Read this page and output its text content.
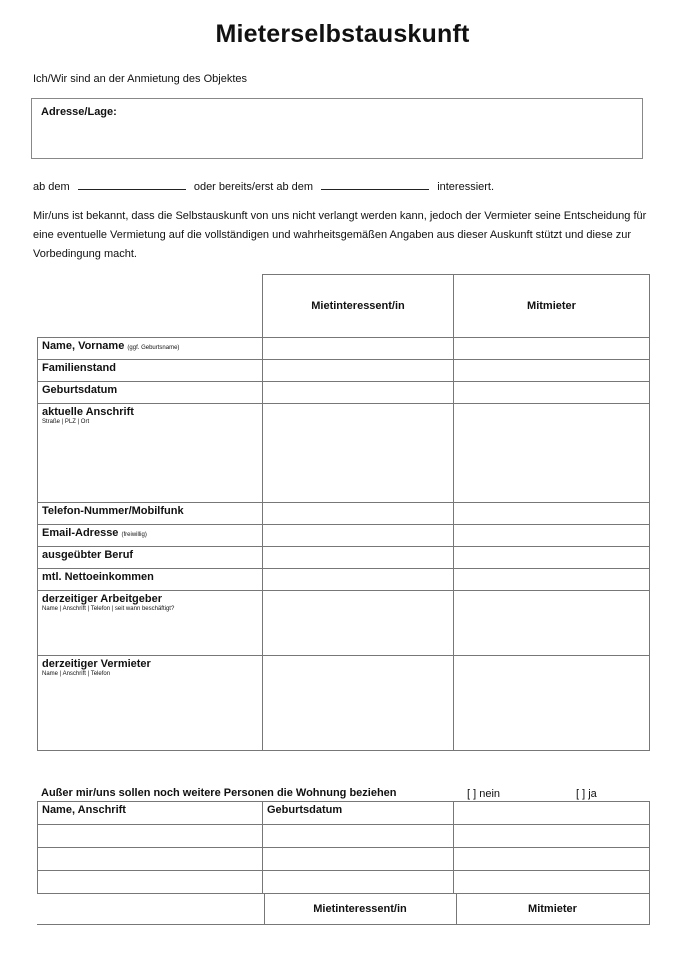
Mieterselbstauskunft
Ich/Wir sind an der Anmietung des Objektes
Adresse/Lage:
ab dem	oder bereits/erst ab dem	interessiert.
Mir/uns ist bekannt, dass die Selbstauskunft von uns nicht verlangt werden kann, jedoch der Vermieter seine Entscheidung für eine eventuelle Vermietung auf die vollständigen und wahrheitsgemäßen Angaben aus dieser Auskunft stützt und diese zur Vorbedingung macht.
	Mietinteressent/in	Mitmieter
Name, Vorname (ggf. Geburtsname)		
Familienstand		
Geburtsdatum		
aktuelle Anschrift
Straße | PLZ | Ort		

Telefon-Nummer/Mobilfunk		
Email-Adresse (freiwillig)		
ausgeübter Beruf		
mtl. Nettoeinkommen		
derzeitiger Arbeitgeber
Name | Anschrift | Telefon | seit wann beschäftigt?		

derzeitiger Vermieter
Name | Anschrift | Telefon		

Außer mir/uns sollen noch weitere Personen die Wohnung beziehen	[ ] nein	[ ] ja
Name, Anschrift	Geburtsdatum	

	Mietinteressent/in	Mitmieter
